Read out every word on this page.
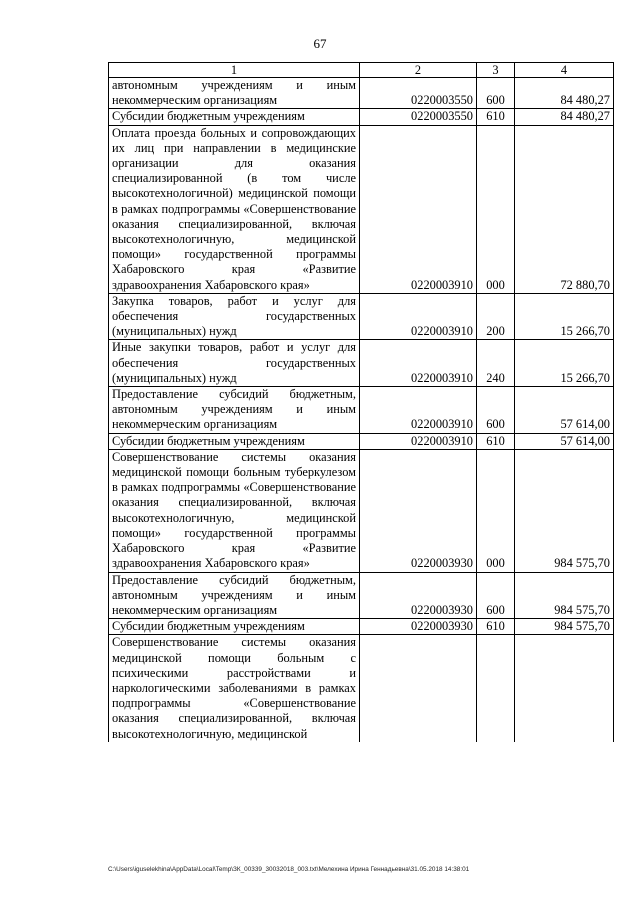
67
1	2	3	4
автономным учреждениям и иным некоммерческим организациям	0220003550	600	84 480,27
Субсидии бюджетным учреждениям	0220003550	610	84 480,27
Оплата проезда больных и сопровождающих их лиц при направлении в медицинские организации для оказания специализированной (в том числе высокотехнологичной) медицинской помощи в рамках подпрограммы «Совершенствование оказания специализированной, включая высокотехнологичную, медицинской помощи» государственной программы Хабаровского края «Развитие здравоохранения Хабаровского края»	0220003910	000	72 880,70
Закупка товаров, работ и услуг для обеспечения государственных (муниципальных) нужд	0220003910	200	15 266,70
Иные закупки товаров, работ и услуг для обеспечения государственных (муниципальных) нужд	0220003910	240	15 266,70
Предоставление субсидий бюджетным, автономным учреждениям и иным некоммерческим организациям	0220003910	600	57 614,00
Субсидии бюджетным учреждениям	0220003910	610	57 614,00
Совершенствование системы оказания медицинской помощи больным туберкулезом в рамках подпрограммы «Совершенствование оказания специализированной, включая высокотехнологичную, медицинской помощи» государственной программы Хабаровского края «Развитие здравоохранения Хабаровского края»	0220003930	000	984 575,70
Предоставление субсидий бюджетным, автономным учреждениям и иным некоммерческим организациям	0220003930	600	984 575,70
Субсидии бюджетным учреждениям	0220003930	610	984 575,70
Совершенствование системы оказания медицинской помощи больным с психическими расстройствами и наркологическими заболеваниями в рамках подпрограммы «Совершенствование оказания специализированной, включая высокотехнологичную, медицинской			
C:\Users\iguselekhina\AppData\Local\Temp\ЗК_00339_30032018_003.txt\Мелехина Ирина Геннадьевна\31.05.2018 14:38:01
